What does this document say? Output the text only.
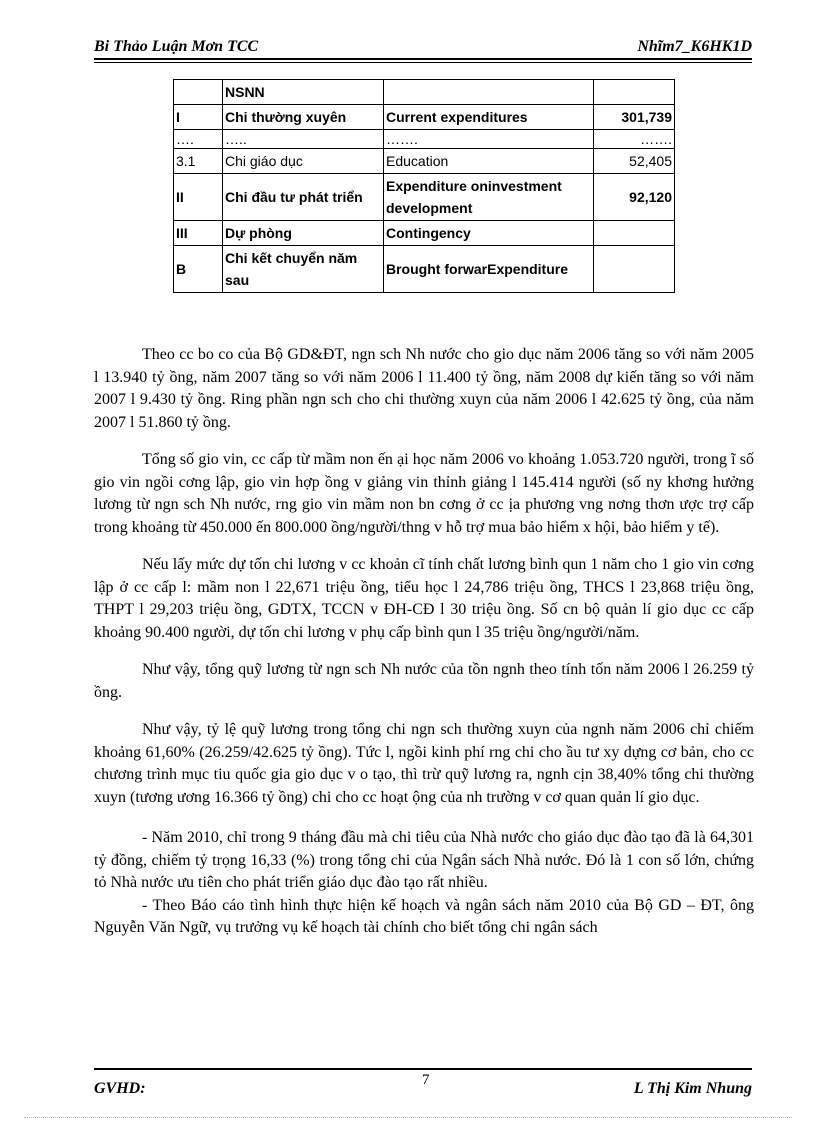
Bi Thảo Luận Mơn TCC	Nhĩm7_K6HK1D
	NSNN		
I	Chi thường xuyên	Current expenditures	301,739
….	…..	…….	…….
3.1	Chi giáo dục	Education	52,405
II	Chi đầu tư phát triển	Expenditure oninvestment development	92,120
III	Dự phòng	Contingency	
B	Chi kết chuyển năm sau	Brought forwarExpenditure	

Theo cc bo co của Bộ GD&ĐT, ngn sch Nh nước cho gio dục năm 2006 tăng so với năm 2005 l 13.940 tỷ ồng, năm 2007 tăng so với năm 2006 l 11.400 tỷ ồng, năm 2008 dự kiến tăng so với năm 2007 l 9.430 tỷ ồng. Ring phần ngn sch cho chi thường xuyn của năm 2006 l 42.625 tỷ ồng, của năm 2007 l 51.860 tỷ ồng.

Tổng số gio vin, cc cấp từ mầm non ến ại học năm 2006 vo khoảng 1.053.720 người, trong ĩ số gio vin ngồi cơng lập, gio vin hợp ồng v giảng vin thỉnh giảng l 145.414 người (số ny khơng hưởng lương từ ngn sch Nh nước, rng gio vin mầm non bn cơng ở cc ịa phương vng nơng thơn ược trợ cấp trong khoảng từ 450.000 ến 800.000 ồng/người/thng v hỗ trợ mua bảo hiểm x hội, bảo hiểm y tế).

Nếu lấy mức dự tốn chi lương v cc khoản cĩ tính chất lương bình qun 1 năm cho 1 gio vin cơng lập ở cc cấp l: mầm non l 22,671 triệu ồng, tiểu học l 24,786 triệu ồng, THCS l 23,868 triệu ồng, THPT l 29,203 triệu ồng, GDTX, TCCN v ĐH-CĐ l 30 triệu ồng. Số cn bộ quản lí gio dục cc cấp khoảng 90.400 người, dự tốn chi lương v phụ cấp bình qun l 35 triệu ồng/người/năm.

Như vậy, tổng quỹ lương từ ngn sch Nh nước của tồn ngnh theo tính tốn năm 2006 l 26.259 tỷ ồng.

Như vậy, tỷ lệ quỹ lương trong tổng chi ngn sch thường xuyn của ngnh năm 2006 chỉ chiếm khoảng 61,60% (26.259/42.625 tỷ ồng). Tức l, ngồi kinh phí rng chi cho ầu tư xy dựng cơ bản, cho cc chương trình mục tiu quốc gia gio dục v o tạo, thì trừ quỹ lương ra, ngnh cịn 38,40% tổng chi thường xuyn (tương ương 16.366 tỷ ồng) chi cho cc hoạt ộng của nh trường v cơ quan quản lí gio dục.

- Năm 2010, chỉ trong 9 tháng đầu mà chi tiêu của Nhà nước cho giáo dục đào tạo đã là 64,301 tỷ đồng, chiếm tỷ trọng 16,33 (%) trong tổng chi của Ngân sách Nhà nước. Đó là 1 con số lớn, chứng tỏ Nhà nước ưu tiên cho phát triển giáo dục đào tạo rất nhiều.

- Theo Báo cáo tình hình thực hiện kế hoạch và ngân sách năm 2010 của Bộ GD – ĐT, ông Nguyễn Văn Ngữ, vụ trưởng vụ kế hoạch tài chính cho biết tổng chi ngân sách

GVHD:	7	L Thị Kim Nhung
